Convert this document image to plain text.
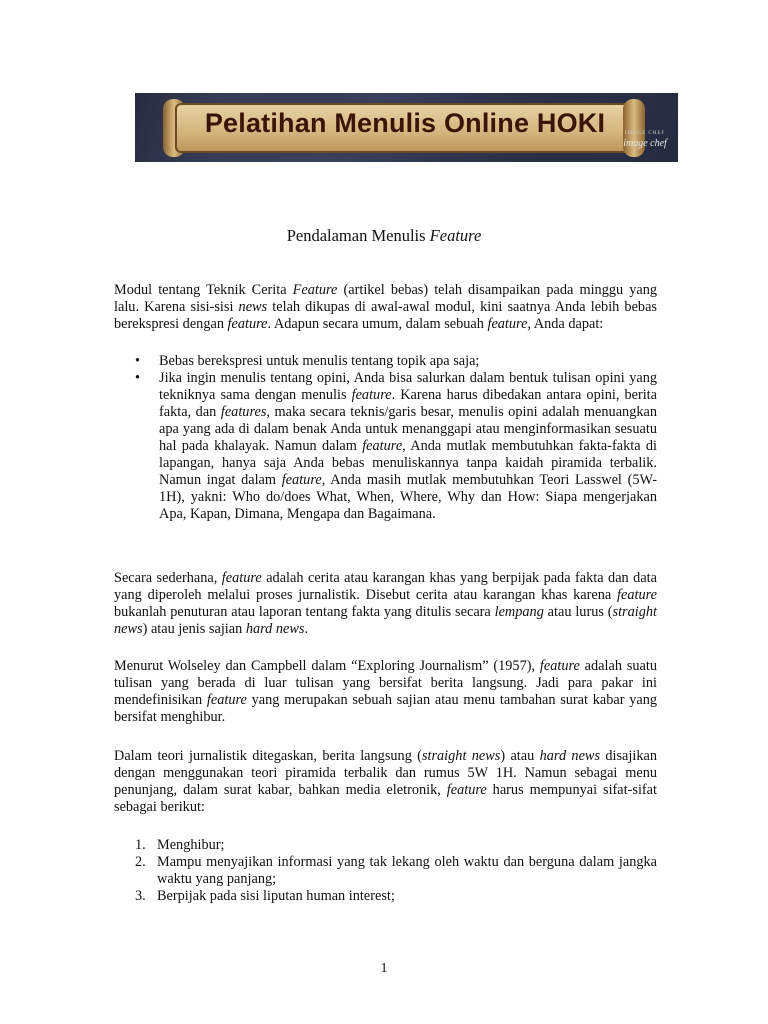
Pelatihan Menulis Online HOKI	IMAGE CHEF
image chef
Pendalaman Menulis Feature

Modul tentang Teknik Cerita Feature (artikel bebas) telah disampaikan pada minggu yang lalu. Karena sisi-sisi news telah dikupas di awal-awal modul, kini saatnya Anda lebih bebas berekspresi dengan feature. Adapun secara umum, dalam sebuah feature, Anda dapat:

• Bebas berekspresi untuk menulis tentang topik apa saja;
• Jika ingin menulis tentang opini, Anda bisa salurkan dalam bentuk tulisan opini yang tekniknya sama dengan menulis feature. Karena harus dibedakan antara opini, berita fakta, dan features, maka secara teknis/garis besar, menulis opini adalah menuangkan apa yang ada di dalam benak Anda untuk menanggapi atau menginformasikan sesuatu hal pada khalayak. Namun dalam feature, Anda mutlak membutuhkan fakta-fakta di lapangan, hanya saja Anda bebas menuliskannya tanpa kaidah piramida terbalik. Namun ingat dalam feature, Anda masih mutlak membutuhkan Teori Lasswel (5W-1H), yakni: Who do/does What, When, Where, Why dan How: Siapa mengerjakan Apa, Kapan, Dimana, Mengapa dan Bagaimana.

Secara sederhana, feature adalah cerita atau karangan khas yang berpijak pada fakta dan data yang diperoleh melalui proses jurnalistik. Disebut cerita atau karangan khas karena feature bukanlah penuturan atau laporan tentang fakta yang ditulis secara lempang atau lurus (straight news) atau jenis sajian hard news.

Menurut Wolseley dan Campbell dalam “Exploring Journalism” (1957), feature adalah suatu tulisan yang berada di luar tulisan yang bersifat berita langsung. Jadi para pakar ini mendefinisikan feature yang merupakan sebuah sajian atau menu tambahan surat kabar yang bersifat menghibur.

Dalam teori jurnalistik ditegaskan, berita langsung (straight news) atau hard news disajikan dengan menggunakan teori piramida terbalik dan rumus 5W 1H. Namun sebagai menu penunjang, dalam surat kabar, bahkan media eletronik, feature harus mempunyai sifat-sifat sebagai berikut:

1. Menghibur;
2. Mampu menyajikan informasi yang tak lekang oleh waktu dan berguna dalam jangka waktu yang panjang;
3. Berpijak pada sisi liputan human interest;
1
